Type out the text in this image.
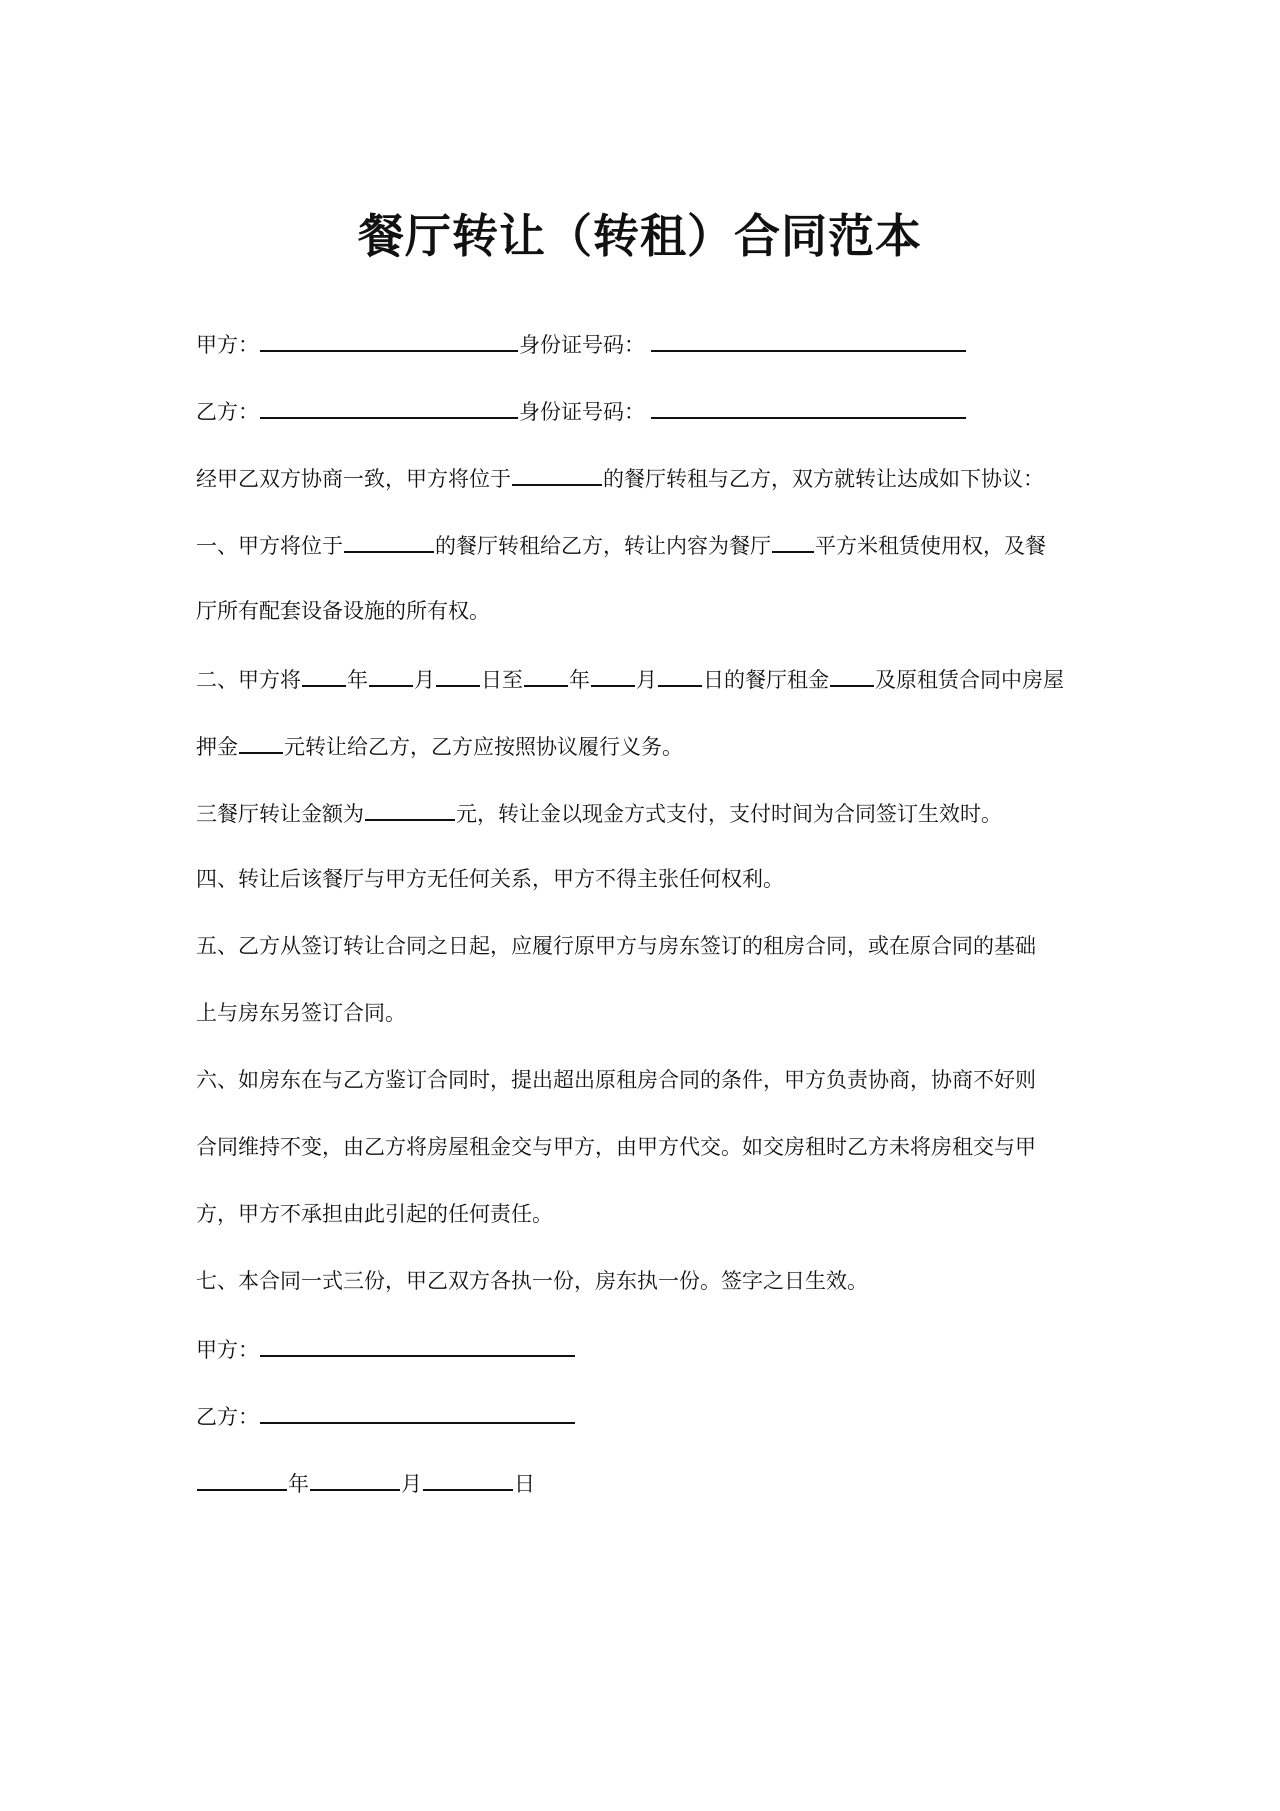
餐厅转让（转租）合同范本
甲方：	身份证号码：
乙方：	身份证号码：
经甲乙双方协商一致，甲方将位于	的餐厅转租与乙方，双方就转让达成如下协议：
一、甲方将位于	的餐厅转租给乙方，转让内容为餐厅 平方米租赁使用权，及餐
厅所有配套设备设施的所有权。
二、甲方将 年 月 日至 年 月 日的餐厅租金 及原租赁合同中房屋
押金 元转让给乙方，乙方应按照协议履行义务。
三餐厅转让金额为	元，转让金以现金方式支付，支付时间为合同签订生效时。
四、转让后该餐厅与甲方无任何关系，甲方不得主张任何权利。
五、乙方从签订转让合同之日起，应履行原甲方与房东签订的租房合同，或在原合同的基础
上与房东另签订合同。
六、如房东在与乙方鉴订合同时，提出超出原租房合同的条件，甲方负责协商，协商不好则
合同维持不变，由乙方将房屋租金交与甲方，由甲方代交。如交房租时乙方未将房租交与甲
方，甲方不承担由此引起的任何责任。
七、本合同一式三份，甲乙双方各执一份，房东执一份。签字之日生效。
甲方：
乙方：
年	月	日
